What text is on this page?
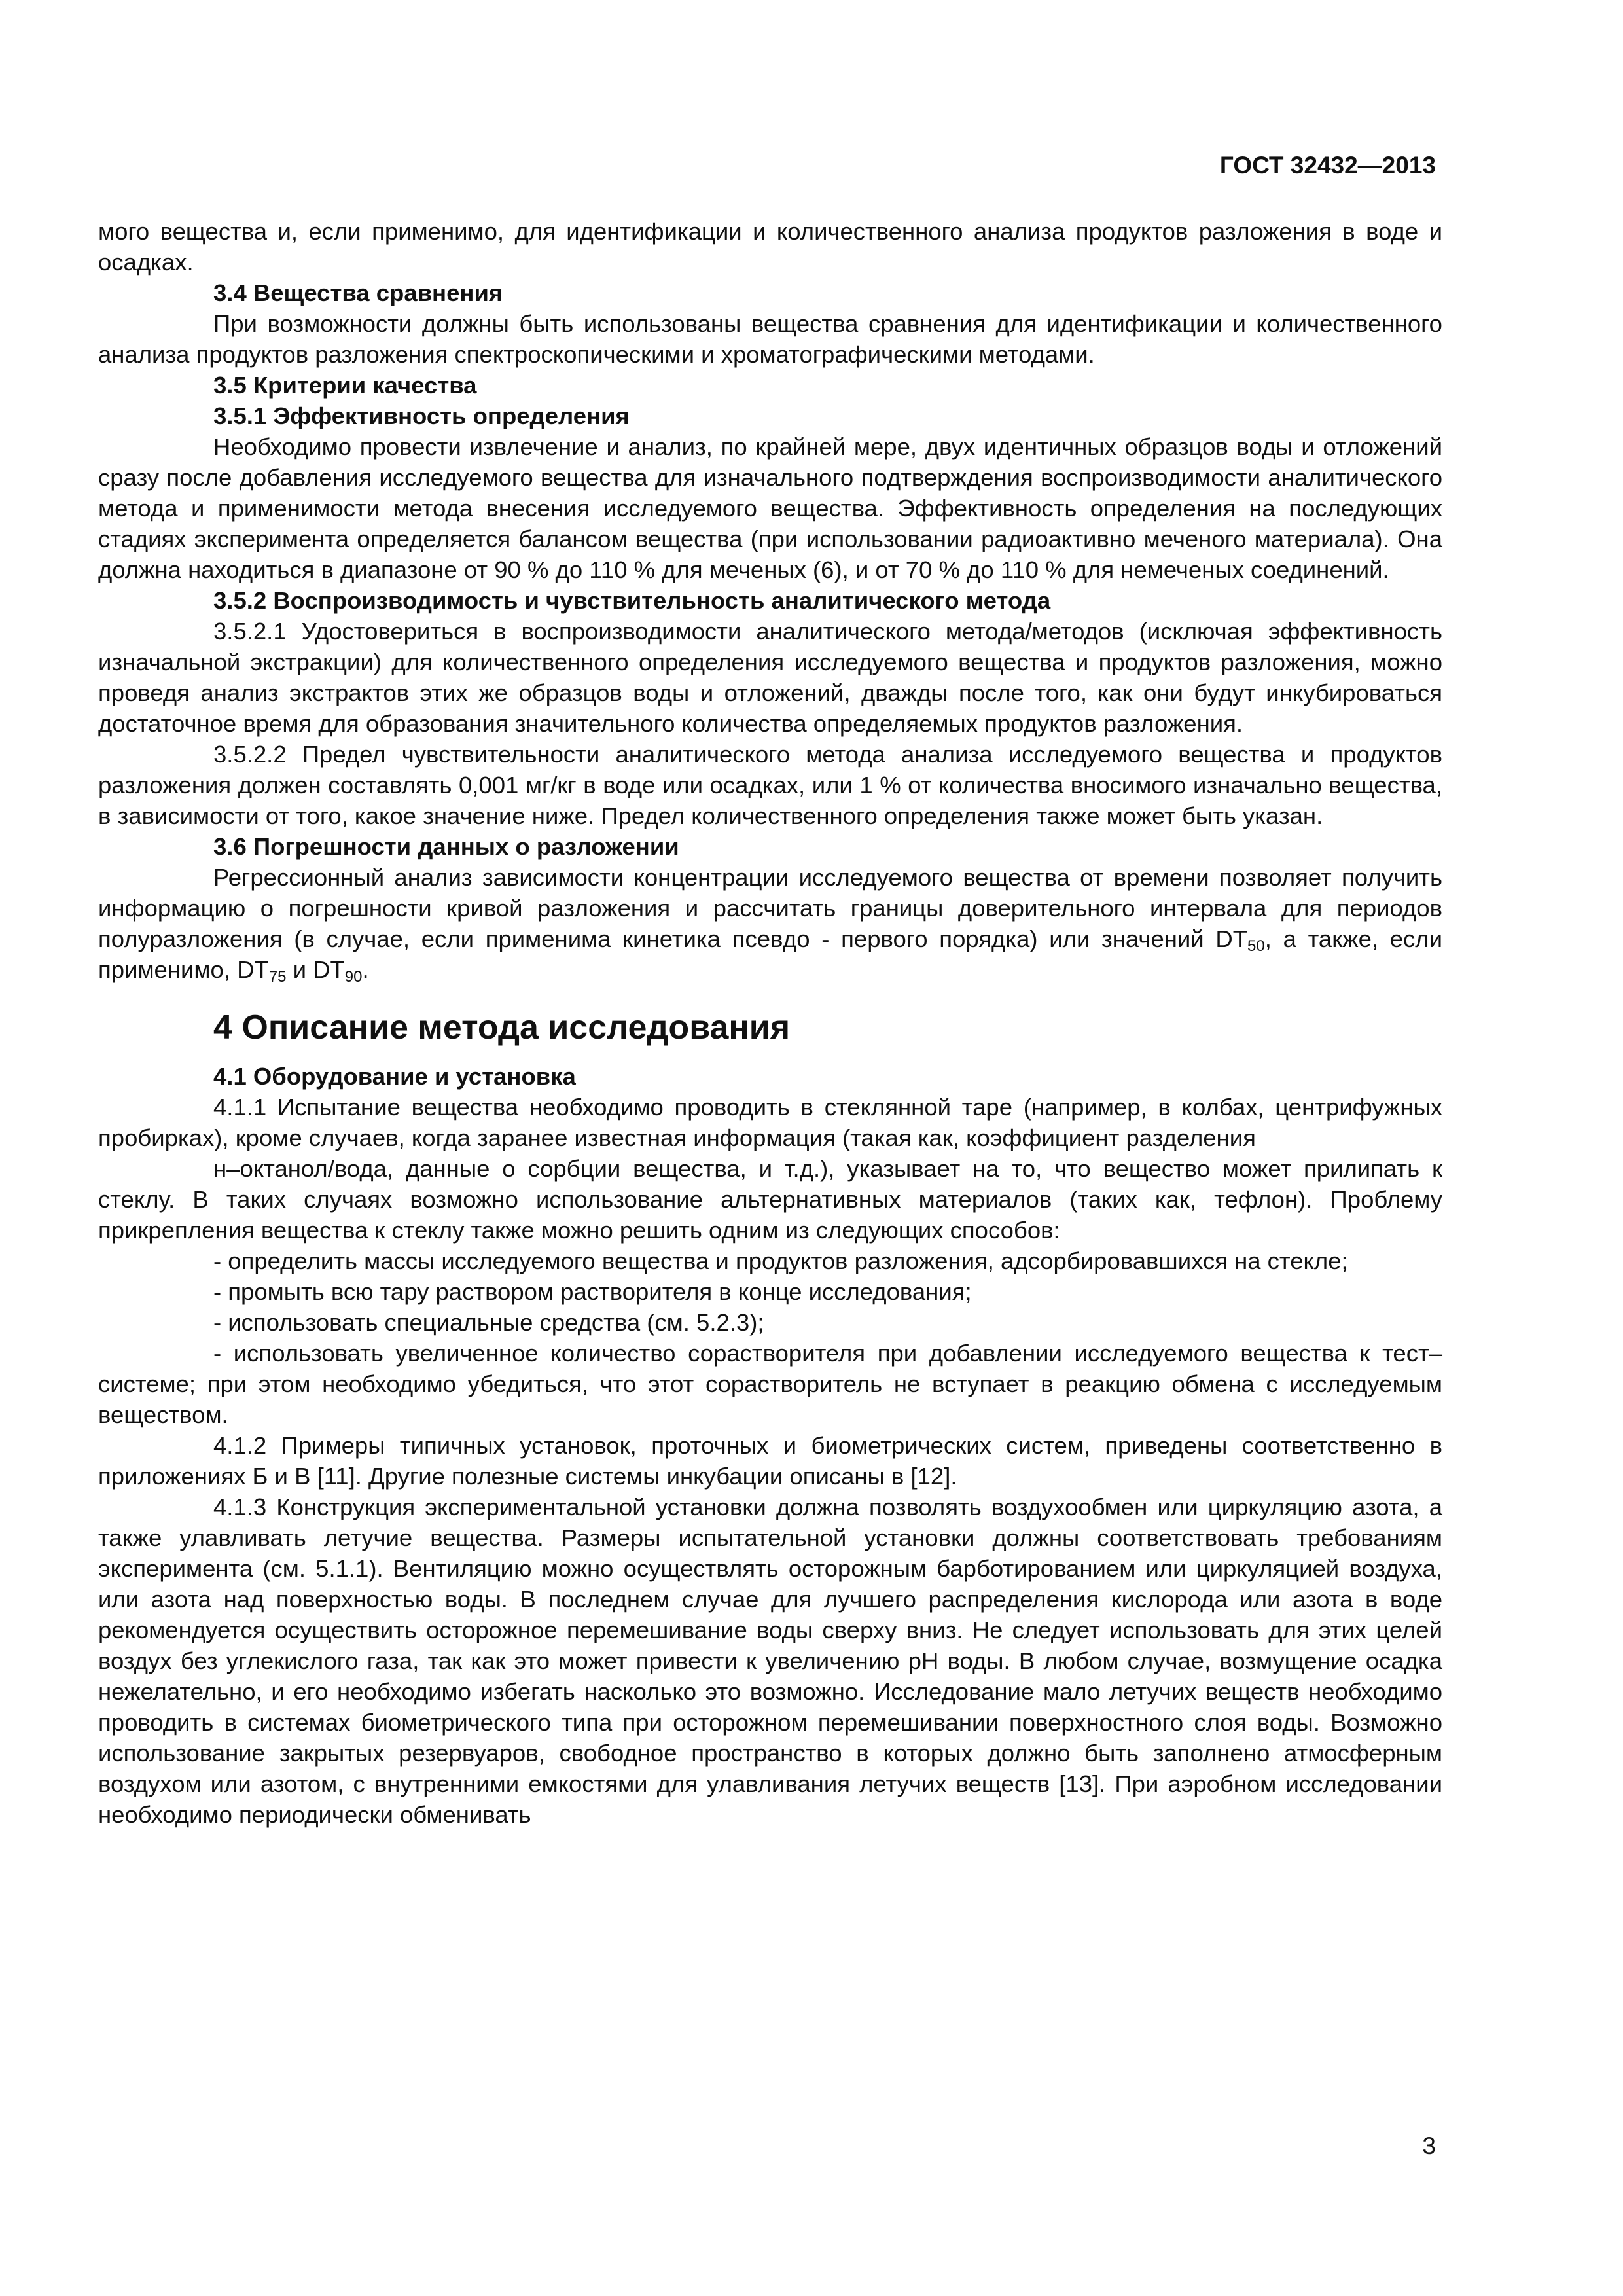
ГОСТ 32432—2013

мого вещества и, если применимо, для идентификации и количественного анализа продуктов разложения в воде и осадках.

3.4 Вещества сравнения

При возможности должны быть использованы вещества сравнения для идентификации и количественного анализа продуктов разложения спектроскопическими и хроматографическими методами.

3.5 Критерии качества
3.5.1 Эффективность определения

Необходимо провести извлечение и анализ, по крайней мере, двух идентичных образцов воды и отложений сразу после добавления исследуемого вещества для изначального подтверждения воспроизводимости аналитического метода и применимости метода внесения исследуемого вещества. Эффективность определения на последующих стадиях эксперимента определяется балансом вещества (при использовании радиоактивно меченого материала). Она должна находиться в диапазоне от 90 % до 110 % для меченых (6), и от 70 % до 110 % для немеченых соединений.

3.5.2 Воспроизводимость и чувствительность аналитического метода

3.5.2.1 Удостовериться в воспроизводимости аналитического метода/методов (исключая эффективность изначальной экстракции) для количественного определения исследуемого вещества и продуктов разложения, можно проведя анализ экстрактов этих же образцов воды и отложений, дважды после того, как они будут инкубироваться достаточное время для образования значительного количества определяемых продуктов разложения.

3.5.2.2 Предел чувствительности аналитического метода анализа исследуемого вещества и продуктов разложения должен составлять 0,001 мг/кг в воде или осадках, или 1 % от количества вносимого изначально вещества, в зависимости от того, какое значение ниже. Предел количественного определения также может быть указан.

3.6 Погрешности данных о разложении

Регрессионный анализ зависимости концентрации исследуемого вещества от времени позволяет получить информацию о погрешности кривой разложения и рассчитать границы доверительного интервала для периодов полуразложения (в случае, если применима кинетика псевдо - первого порядка) или значений $DT_{50}$, а также, если применимо, $DT_{75}$ и $DT_{90}$.

4 Описание метода исследования
4.1 Оборудование и установка

4.1.1 Испытание вещества необходимо проводить в стеклянной таре (например, в колбах, центрифужных пробирках), кроме случаев, когда заранее известная информация (такая как, коэффициент разделения

н–октанол/вода, данные о сорбции вещества, и т.д.), указывает на то, что вещество может прилипать к стеклу. В таких случаях возможно использование альтернативных материалов (таких как, тефлон). Проблему прикрепления вещества к стеклу также можно решить одним из следующих способов:

- определить массы исследуемого вещества и продуктов разложения, адсорбировавшихся на стекле;

- промыть всю тару раствором растворителя в конце исследования;

- использовать специальные средства (см. 5.2.3);

- использовать увеличенное количество сорастворителя при добавлении исследуемого вещества к тест–системе; при этом необходимо убедиться, что этот сорастворитель не вступает в реакцию обмена с исследуемым веществом.

4.1.2 Примеры типичных установок, проточных и биометрических систем, приведены соответственно в приложениях Б и В [11]. Другие полезные системы инкубации описаны в [12].

4.1.3 Конструкция экспериментальной установки должна позволять воздухообмен или циркуляцию азота, а также улавливать летучие вещества. Размеры испытательной установки должны соответствовать требованиям эксперимента (см. 5.1.1). Вентиляцию можно осуществлять осторожным барботированием или циркуляцией воздуха, или азота над поверхностью воды. В последнем случае для лучшего распределения кислорода или азота в воде рекомендуется осуществить осторожное перемешивание воды сверху вниз. Не следует использовать для этих целей воздух без углекислого газа, так как это может привести к увеличению pH воды. В любом случае, возмущение осадка нежелательно, и его необходимо избегать насколько это возможно. Исследование мало летучих веществ необходимо проводить в системах биометрического типа при осторожном перемешивании поверхностного слоя воды. Возможно использование закрытых резервуаров, свободное пространство в которых должно быть заполнено атмосферным воздухом или азотом, с внутренними емкостями для улавливания летучих веществ [13]. При аэробном исследовании необходимо периодически обменивать

3
